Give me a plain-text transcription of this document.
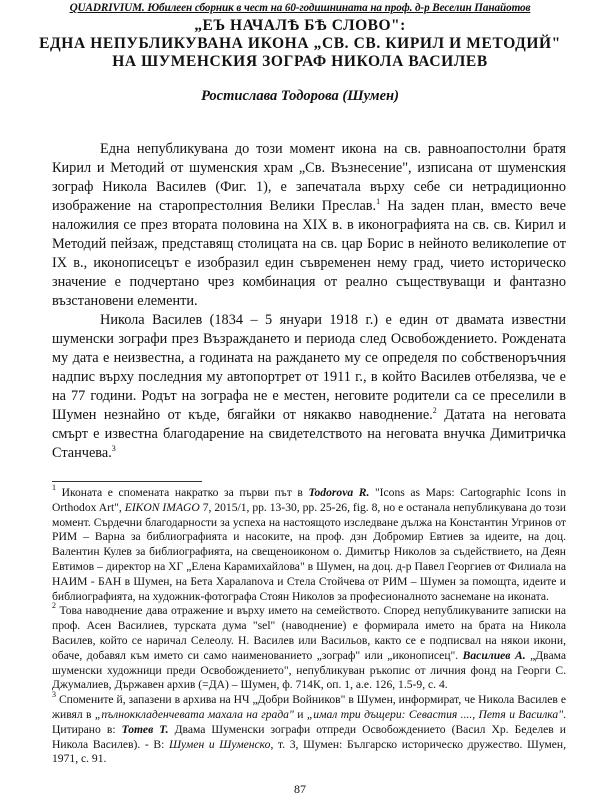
QUADRIVIUM. Юбилеен сборник в чест на 60-годишнината на проф. д-р Веселин Панайотов
„ЕЪ НАЧАЛѢ БѢ СЛОВО":
ЕДНА НЕПУБЛИКУВАНА ИКОНА „СВ. СВ. КИРИЛ И МЕТОДИЙ"
НА ШУМЕНСКИЯ ЗОГРАФ НИКОЛА ВАСИЛЕВ
Ростислава Тодорова (Шумен)

Една непубликувана до този момент икона на св. равноапостолни братя Кирил и Методий от шуменския храм „Св. Възнесение", изписана от шуменския зограф Никола Василев (Фиг. 1), е запечатала върху себе си нетрадиционно изображение на старопрестолния Велики Преслав.$^1$ На заден план, вместо вече наложилия се през втората половина на XIX в. в иконографията на св. св. Кирил и Методий пейзаж, представящ столицата на св. цар Борис в нейното великолепие от IX в., иконописецът е изобразил един съвременен нему град, чието историческо значение е подчертано чрез комбинация от реално съществуващи и фантазно възстановени елементи.

Никола Василев (1834 – 5 януари 1918 г.) е един от двамата известни шуменски зографи през Възраждането и периода след Освобождението. Рождената му дата е неизвестна, а годината на раждането му се определя по собственоръчния надпис върху последния му автопортрет от 1911 г., в който Василев отбелязва, че е на 77 години. Родът на зографа не е местен, неговите родители са се преселили в Шумен незнайно от къде, бягайки от някакво наводнение.$^2$ Датата на неговата смърт е известна благодарение на свидетелството на неговата внучка Димитричка Станчева.$^3$

$^1$ Иконата е спомената накратко за първи път в Todorova R. "Icons as Maps: Cartographic Icons in Orthodox Art", EIKON IMAGO 7, 2015/1, pp. 13-30, pp. 25-26, fig. 8, но е останала непубликувана до този момент. Сърдечни благодарности за успеха на настоящото изследване дължа на Константин Угринов от РИМ – Варна за библиографията и насоките, на проф. дзн Добромир Евтиев за идеите, на доц. Валентин Кулев за библиографията, на свещеноиконом о. Димитър Николов за съдействието, на Деян Евтимов – директор на ХГ „Елена Карамихайлова" в Шумен, на доц. д-р Павел Георгиев от Филиала на НАИМ - БАН в Шумен, на Бета Харалanova и Стела Стойчева от РИМ – Шумен за помощта, идеите и библиографията, на художник-фотографа Стоян Николов за професионалното заснемане на иконата.

$^2$ Това наводнение дава отражение и върху името на семейството. Според непубликуваните записки на проф. Асен Василиев, турската дума "sel" (наводнение) е формирала името на брата на Никола Василев, който се наричал Селеолу. Н. Василев или Васильов, както се е подписвал на някои икони, обаче, добавял към името си само наименованието „зограф" или „иконописец". Василиев А. „Двама шуменски художници преди Освобождението", непубликуван ръкопис от личния фонд на Георги С. Джумалиев, Държавен архив (=ДА) – Шумен, ф. 714К, оп. 1, а.е. 126, 1.5-9, с. 4.

$^3$ Спомените й, запазени в архива на НЧ „Добри Войников" в Шумен, информират, че Никола Василев е живял в „пълноккладенчевата махала на града" и „имал три дъщери: Севастия ...., Петя и Василка". Цитирано в: Тотев Т. Двама Шуменски зографи отпреди Освобождението (Васил Хр. Беделев и Никола Василев). - В: Шумен и Шуменско, т. 3, Шумен: Българско историческо дружество. Шумен, 1971, с. 91.

87
